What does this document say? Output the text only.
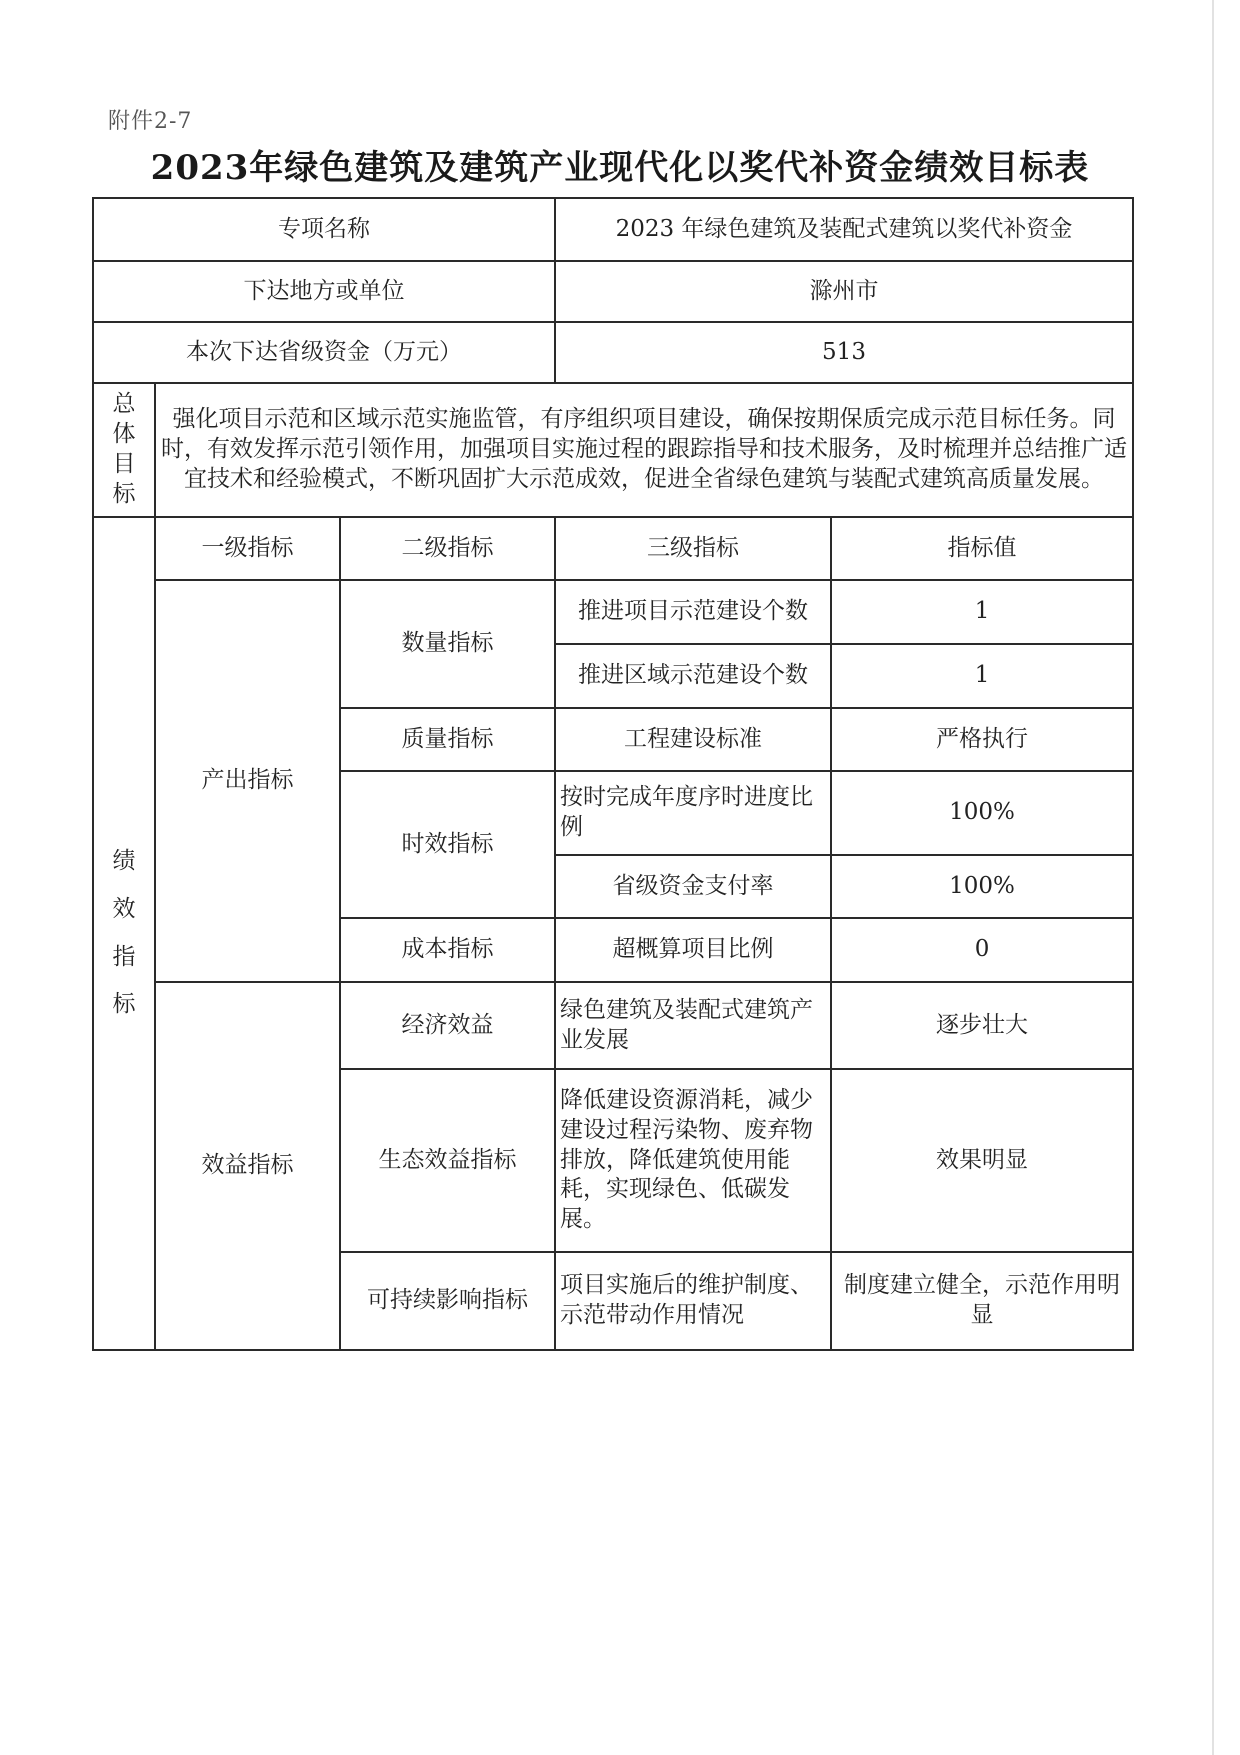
附件2-7
2023年绿色建筑及建筑产业现代化以奖代补资金绩效目标表
专项名称			2023 年绿色建筑及装配式建筑以奖代补资金	
下达地方或单位			滁州市	
本次下达省级资金（万元）			513	

总
体
目
标	强化项目示范和区域示范实施监管，有序组织项目建设，确保按期保质完成示范目标任务。同时，有效发挥示范引领作用，加强项目实施过程的跟踪指导和技术服务，及时梳理并总结推广适宜技术和经验模式，不断巩固扩大示范成效，促进全省绿色建筑与装配式建筑高质量发展。			

绩
效
指
标	一级指标	二级指标	三级指标	指标值
	产出指标	数量指标	推进项目示范建设个数	1
			推进区域示范建设个数	1
		质量指标	工程建设标准	严格执行
		时效指标	按时完成年度序时进度比例	100%
			省级资金支付率	100%
		成本指标	超概算项目比例	0
	效益指标	经济效益	绿色建筑及装配式建筑产业发展	逐步壮大
		生态效益指标	降低建设资源消耗，减少建设过程污染物、废弃物排放，降低建筑使用能耗，实现绿色、低碳发展。	效果明显
		可持续影响指标	项目实施后的维护制度、示范带动作用情况	制度建立健全，示范作用明显
